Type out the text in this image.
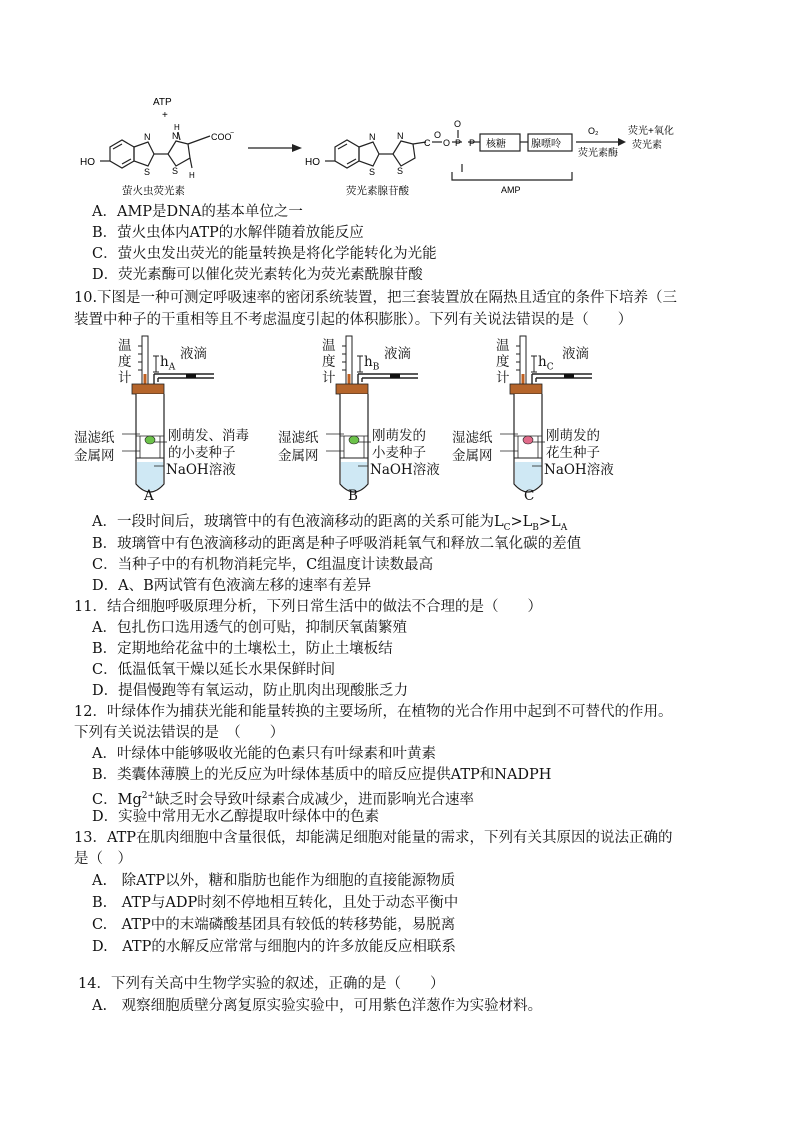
ATP
+
HO
COO
−
N
S S
N
H
H
萤火虫荧光素
HO
N N
S
S
C
O
O P
O
P 核糖	腺嘌呤
AMP
荧光素腺苷酸
O₂
荧光素酶
荧光+氧化
荧光素
A．AMP是DNA的基本单位之一
B．萤火虫体内ATP的水解伴随着放能反应
C．萤火虫发出荧光的能量转换是将化学能转化为光能
D．荧光素酶可以催化荧光素转化为荧光素酰腺苷酸
10.下图是一种可测定呼吸速率的密闭系统装置，把三套装置放在隔热且适宜的条件下培养（三
装置中种子的干重相等且不考虑温度引起的体积膨胀）。下列有关说法错误的是（　　）
温
度
计
$h_A$
液滴
湿滤纸
金属网
刚萌发、消毒
的小麦种子
NaOH溶液
A
温
度
计
$h_B$
液滴
湿滤纸
金属网
刚萌发的
小麦种子
NaOH溶液
B
温
度
计
$h_C$
液滴
湿滤纸
金属网
刚萌发的
花生种子
NaOH溶液
C
A．一段时间后，玻璃管中的有色液滴移动的距离的关系可能为$L_C>L_B>L_A$
B．玻璃管中有色液滴移动的距离是种子呼吸消耗氧气和释放二氧化碳的差值
C．当种子中的有机物消耗完毕，C组温度计读数最高
D．A、B两试管有色液滴左移的速率有差异
11．结合细胞呼吸原理分析，下列日常生活中的做法不合理的是（　　）
A．包扎伤口选用透气的创可贴，抑制厌氧菌繁殖
B．定期地给花盆中的土壤松土，防止土壤板结
C．低温低氧干燥以延长水果保鲜时间
D．提倡慢跑等有氧运动，防止肌肉出现酸胀乏力
12．叶绿体作为捕获光能和能量转换的主要场所，在植物的光合作用中起到不可替代的作用。
下列有关说法错误的是　（　　）
A．叶绿体中能够吸收光能的色素只有叶绿素和叶黄素
B．类囊体薄膜上的光反应为叶绿体基质中的暗反应提供ATP和NADPH
C．$Mg^{2+}$缺乏时会导致叶绿素合成减少，进而影响光合速率
D．实验中常用无水乙醇提取叶绿体中的色素
13．ATP在肌肉细胞中含量很低，却能满足细胞对能量的需求，下列有关其原因的说法正确的
是（　）
A.　除ATP以外，糖和脂肪也能作为细胞的直接能源物质
B.　ATP与ADP时刻不停地相互转化，且处于动态平衡中
C.　ATP中的末端磷酸基团具有较低的转移势能，易脱离
D.　ATP的水解反应常常与细胞内的许多放能反应相联系
14．下列有关高中生物学实验的叙述，正确的是（　　）
A.　观察细胞质壁分离复原实验实验中，可用紫色洋葱作为实验材料。
